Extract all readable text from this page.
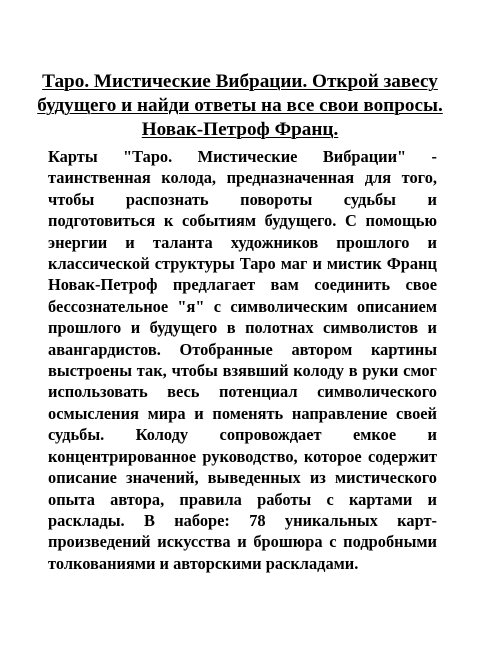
Таро. Мистические Вибрации. Открой завесу будущего и найди ответы на все свои вопросы. Новак-Петроф Франц.

Карты "Таро. Мистические Вибрации" - таинственная колода, предназначенная для того, чтобы распознать повороты судьбы и подготовиться к событиям будущего. С помощью энергии и таланта художников прошлого и классической структуры Таро маг и мистик Франц Новак-Петроф предлагает вам соединить свое бессознательное "я" с символическим описанием прошлого и будущего в полотнах символистов и авангардистов. Отобранные автором картины выстроены так, чтобы взявший колоду в руки смог использовать весь потенциал символического осмысления мира и поменять направление своей судьбы. Колоду сопровождает емкое и концентрированное руководство, которое содержит описание значений, выведенных из мистического опыта автора, правила работы с картами и расклады. В наборе: 78 уникальных карт-произведений искусства и брошюра с подробными толкованиями и авторскими раскладами.
